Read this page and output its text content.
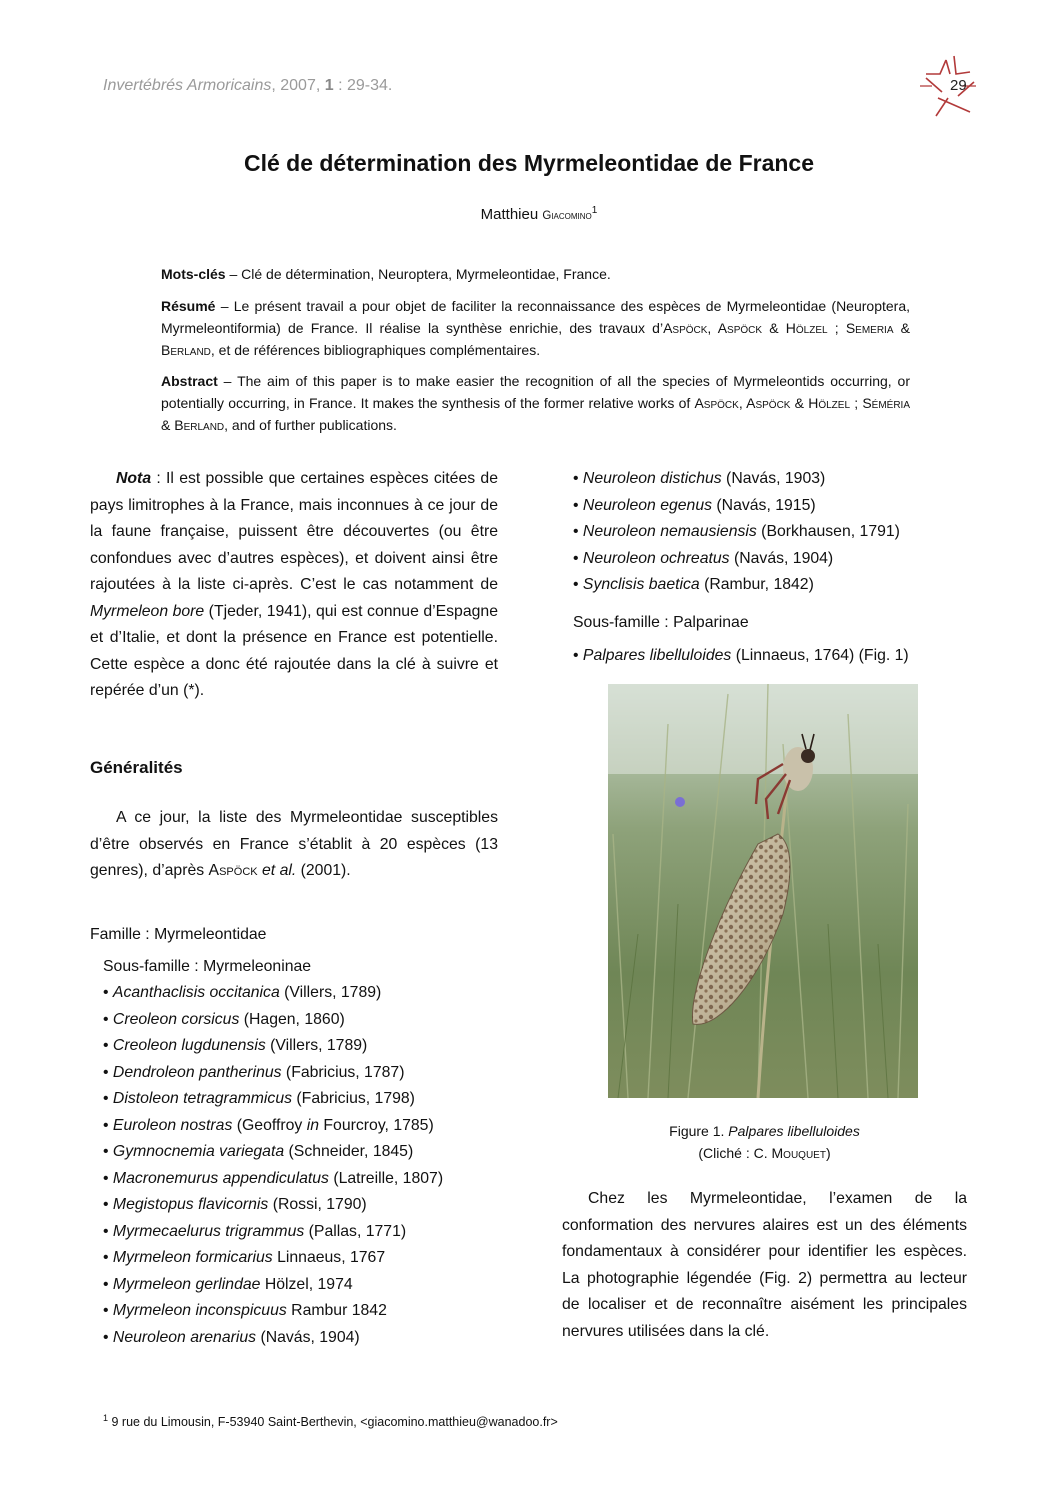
Invertébrés Armoricains, 2007, 1 : 29-34.	29
Clé de détermination des Myrmeleontidae de France
Matthieu Giacomino$^1$
Mots-clés – Clé de détermination, Neuroptera, Myrmeleontidae, France.
Résumé – Le présent travail a pour objet de faciliter la reconnaissance des espèces de Myrmeleontidae (Neuroptera, Myrmeleontiformia) de France. Il réalise la synthèse enrichie, des travaux d’Aspöck, Aspöck & Hölzel ; Semeria & Berland, et de références bibliographiques complémentaires.
Abstract – The aim of this paper is to make easier the recognition of all the species of Myrmeleontids occurring, or potentially occurring, in France. It makes the synthesis of the former relative works of Aspöck, Aspöck & Hölzel ; Séméria & Berland, and of further publications.
Nota : Il est possible que certaines espèces citées de pays limitrophes à la France, mais inconnues à ce jour de la faune française, puissent être découvertes (ou être confondues avec d’autres espèces), et doivent ainsi être rajoutées à la liste ci-après. C’est le cas notamment de Myrmeleon bore (Tjeder, 1941), qui est connue d’Espagne et d’Italie, et dont la présence en France est potentielle. Cette espèce a donc été rajoutée dans la clé à suivre et repérée d’un (*).
Généralités
A ce jour, la liste des Myrmeleontidae susceptibles d’être observés en France s’établit à 20 espèces (13 genres), d’après Aspöck et al. (2001).
Famille : Myrmeleontidae
Sous-famille : Myrmeleoninae
• Acanthaclisis occitanica (Villers, 1789)
• Creoleon corsicus (Hagen, 1860)
• Creoleon lugdunensis (Villers, 1789)
• Dendroleon pantherinus (Fabricius, 1787)
• Distoleon tetragrammicus (Fabricius, 1798)
• Euroleon nostras (Geoffroy in Fourcroy, 1785)
• Gymnocnemia variegata (Schneider, 1845)
• Macronemurus appendiculatus (Latreille, 1807)
• Megistopus flavicornis (Rossi, 1790)
• Myrmecaelurus trigrammus (Pallas, 1771)
• Myrmeleon formicarius Linnaeus, 1767
• Myrmeleon gerlindae Hölzel, 1974
• Myrmeleon inconspicuus Rambur 1842
• Neuroleon arenarius (Navás, 1904)
• Neuroleon distichus (Navás, 1903)
• Neuroleon egenus (Navás, 1915)
• Neuroleon nemausiensis (Borkhausen, 1791)
• Neuroleon ochreatus (Navás, 1904)
• Synclisis baetica (Rambur, 1842)
Sous-famille : Palparinae
• Palpares libelluloides (Linnaeus, 1764) (Fig. 1)
Figure 1. Palpares libelluloides
(Cliché : C. Mouquet)
Chez les Myrmeleontidae, l’examen de la conformation des nervures alaires est un des éléments fondamentaux à considérer pour identifier les espèces. La photographie légendée (Fig. 2) permettra au lecteur de localiser et de reconnaître aisément les principales nervures utilisées dans la clé.
$^1$ 9 rue du Limousin, F-53940 Saint-Berthevin, <giacomino.matthieu@wanadoo.fr>
